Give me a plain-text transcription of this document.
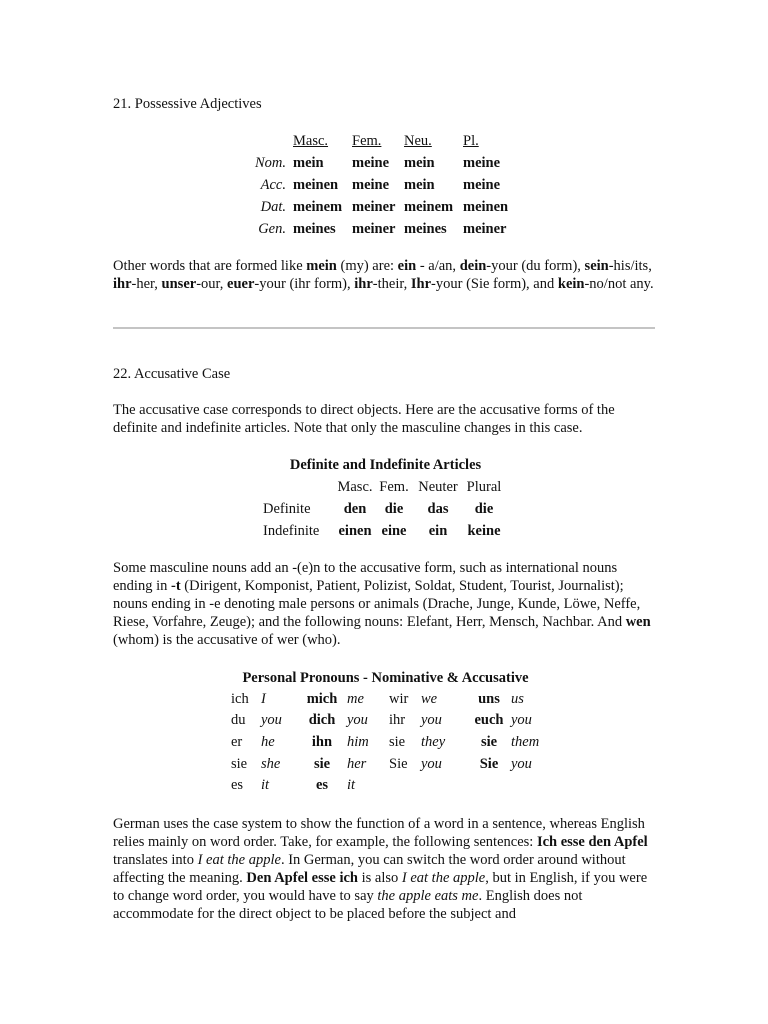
21. Possessive Adjectives
	Masc.	Fem.	Neu.	Pl.
Nom.	mein	meine	mein	meine
Acc.	meinen	meine	mein	meine
Dat.	meinem	meiner	meinem	meinen
Gen.	meines	meiner	meines	meiner

Other words that are formed like mein (my) are: ein - a/an, dein-your (du form), sein-his/its, ihr-her, unser-our, euer-your (ihr form), ihr-their, Ihr-your (Sie form), and kein-no/not any.

22. Accusative Case

The accusative case corresponds to direct objects. Here are the accusative forms of the definite and indefinite articles. Note that only the masculine changes in this case.

Definite and Indefinite Articles
	Masc.	Fem.	Neuter	Plural
Definite	den	die	das	die
Indefinite	einen	eine	ein	keine

Some masculine nouns add an -(e)n to the accusative form, such as international nouns ending in -t (Dirigent, Komponist, Patient, Polizist, Soldat, Student, Tourist, Journalist); nouns ending in -e denoting male persons or animals (Drache, Junge, Kunde, Löwe, Neffe, Riese, Vorfahre, Zeuge); and the following nouns: Elefant, Herr, Mensch, Nachbar. And wen (whom) is the accusative of wer (who).

Personal Pronouns - Nominative & Accusative
ich	I	mich	me	wir	we	uns	us
du	you	dich	you	ihr	you	euch	you
er	he	ihn	him	sie	they	sie	them
sie	she	sie	her	Sie	you	Sie	you
es	it	es	it				

German uses the case system to show the function of a word in a sentence, whereas English relies mainly on word order. Take, for example, the following sentences: Ich esse den Apfel translates into I eat the apple. In German, you can switch the word order around without affecting the meaning. Den Apfel esse ich is also I eat the apple, but in English, if you were to change word order, you would have to say the apple eats me. English does not accommodate for the direct object to be placed before the subject and
